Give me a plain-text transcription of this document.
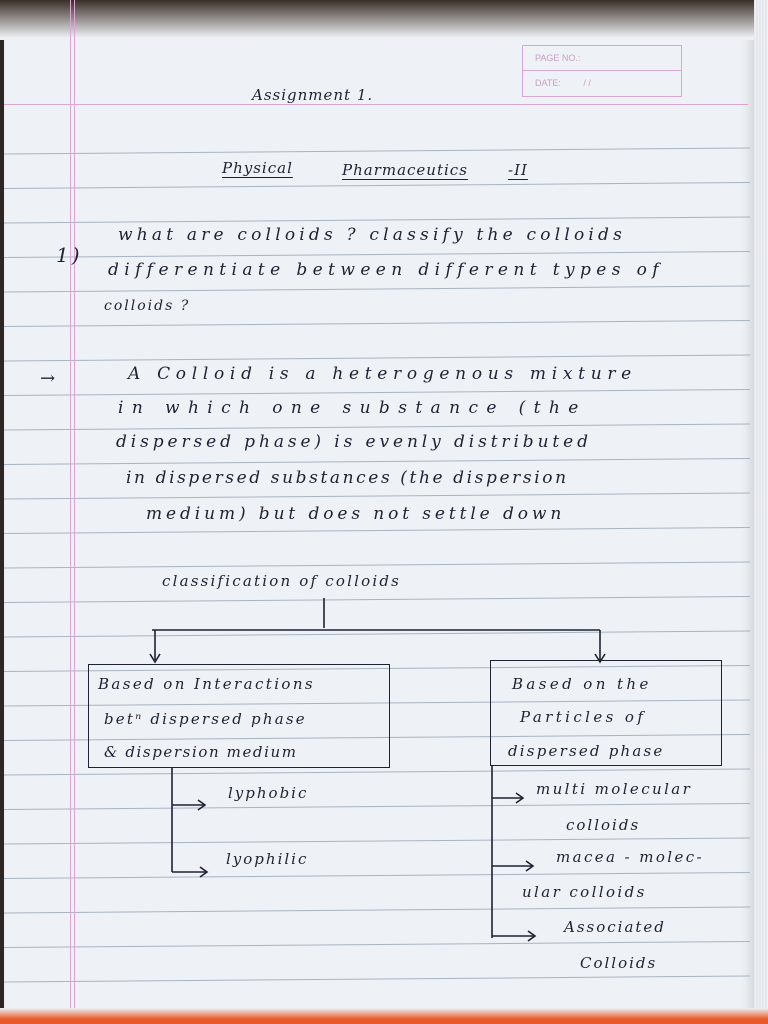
PAGE NO.:
DATE:	/ /
Assignment 1.
Physical	Pharmaceutics	-II
1)
what are colloids ? classify the colloids
differentiate between different types of
colloids ?
→	A Colloid is a heterogenous mixture
in which one substance (the
dispersed phase) is evenly distributed
in dispersed substances (the dispersion
medium) but does not settle down
classification of colloids
Based on Interactions
betⁿ dispersed phase
& dispersion medium
Based on the
Particles of
dispersed phase
lyphobic
lyophilic
multi molecular
colloids
macea - molec-
ular colloids
Associated
Colloids
